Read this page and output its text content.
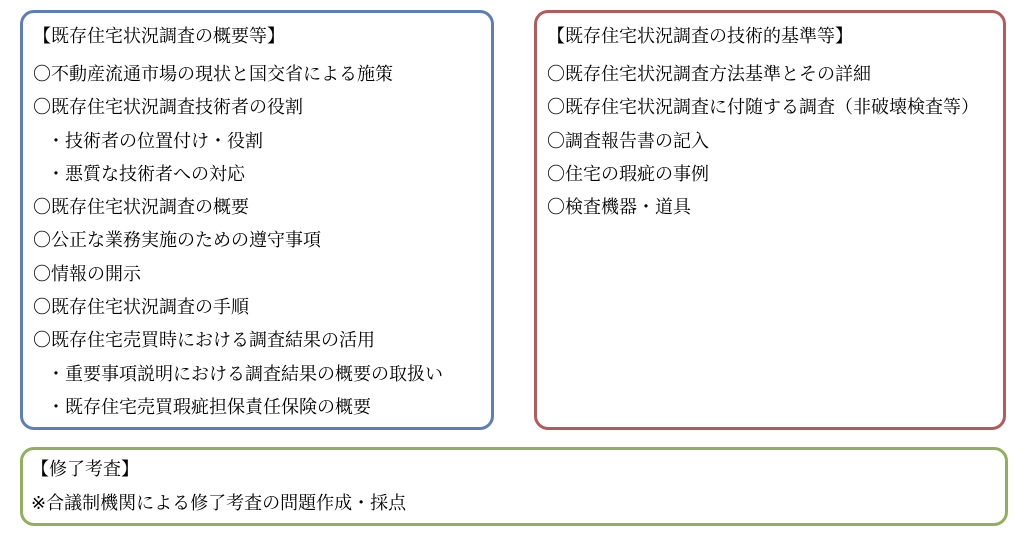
【既存住宅状況調査の概要等】
〇不動産流通市場の現状と国交省による施策
〇既存住宅状況調査技術者の役割
・技術者の位置付け・役割
・悪質な技術者への対応
〇既存住宅状況調査の概要
〇公正な業務実施のための遵守事項
〇情報の開示
〇既存住宅状況調査の手順
〇既存住宅売買時における調査結果の活用
・重要事項説明における調査結果の概要の取扱い
・既存住宅売買瑕疵担保責任保険の概要
【既存住宅状況調査の技術的基準等】
〇既存住宅状況調査方法基準とその詳細
〇既存住宅状況調査に付随する調査（非破壊検査等）
〇調査報告書の記入
〇住宅の瑕疵の事例
〇検査機器・道具
【修了考査】
※合議制機関による修了考査の問題作成・採点
